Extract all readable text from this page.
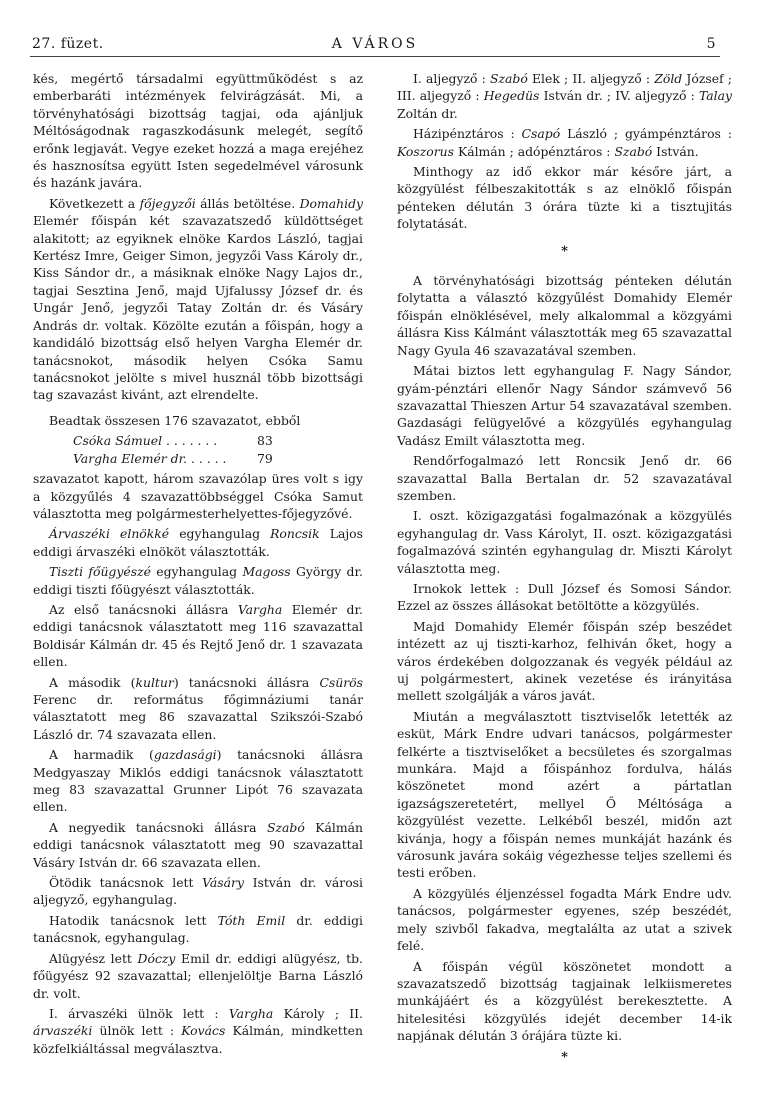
27. füzet.	A VÁROS	5

kés, megértő társadalmi együttműködést s az emberbaráti intézmények felvirágzását. Mi, a törvényhatósági bizottság tagjai, oda ajánljuk Méltóságodnak ragaszkodásunk melegét, segítő erőnk legjavát. Vegye ezeket hozzá a maga erejéhez és hasznosítsa együtt Isten segedelmével városunk és hazánk javára.

Következett a főjegyzői állás betöltése. Domahidy Elemér főispán két szavazatszedő küldöttséget alakitott; az egyiknek elnöke Kardos László, tagjai Kertész Imre, Geiger Simon, jegyzői Vass Károly dr., Kiss Sándor dr., a másiknak elnöke Nagy Lajos dr., tagjai Sesztina Jenő, majd Ujfalussy József dr. és Ungár Jenő, jegyzői Tatay Zoltán dr. és Vásáry András dr. voltak. Közölte ezután a főispán, hogy a kandidáló bizottság első helyen Vargha Elemér dr. tanácsnokot, második helyen Csóka Samu tanácsnokot jelölte s mivel husznál több bizottsági tag szavazást kivánt, azt elrendelte.

Beadtak összesen 176 szavazatot, ebből

Csóka Sámuel . . . . . . .	83
Vargha Elemér dr. . . . . . 79

szavazatot kapott, három szavazólap üres volt s igy a közgyűlés 4 szavazattöbbséggel Csóka Samut választotta meg polgármesterhelyettes-főjegyzővé.

Árvaszéki elnökké egyhangulag Roncsik Lajos eddigi árvaszéki elnököt választották.

Tiszti főügyészé egyhangulag Magoss György dr. eddigi tiszti főügyészt választották.

Az első tanácsnoki állásra Vargha Elemér dr. eddigi tanácsnok választatott meg 116 szavazattal Boldisár Kálmán dr. 45 és Rejtő Jenő dr. 1 szavazata ellen.

A második (kultur) tanácsnoki állásra Csürös Ferenc dr. református főgimnáziumi tanár választatott meg 86 szavazattal Szikszói-Szabó László dr. 74 szavazata ellen.

A harmadik (gazdasági) tanácsnoki állásra Medgyaszay Miklós eddigi tanácsnok választatott meg 83 szavazattal Grunner Lipót 76 szavazata ellen.

A negyedik tanácsnoki állásra Szabó Kálmán eddigi tanácsnok választatott meg 90 szavazattal Vásáry István dr. 66 szavazata ellen.

Ötödik tanácsnok lett Vásáry István dr. városi aljegyző, egyhangulag.

Hatodik tanácsnok lett Tóth Emil dr. eddigi tanácsnok, egyhangulag.

Alügyész lett Dóczy Emil dr. eddigi alügyész, tb. főügyész 92 szavazattal; ellenjelöltje Barna László dr. volt.

I. árvaszéki ülnök lett : Vargha Károly ; II. árvaszéki ülnök lett : Kovács Kálmán, mindketten közfelkiáltással megválasztva.

I. aljegyző : Szabó Elek ; II. aljegyző : Zöld József ; III. aljegyző : Hegedüs István dr. ; IV. aljegyző : Talay Zoltán dr.

Házipénztáros : Csapó László ; gyámpénztáros : Koszorus Kálmán ; adópénztáros : Szabó István.

Minthogy az idő ekkor már későre járt, a közgyülést félbeszakitották s az elnöklő főispán pénteken délután 3 órára tüzte ki a tisztujitás folytatását.

*

A törvényhatósági bizottság pénteken délután folytatta a választó közgyűlést Domahidy Elemér főispán elnöklésével, mely alkalommal a közgyámi állásra Kiss Kálmánt választották meg 65 szavazattal Nagy Gyula 46 szavazatával szemben.

Mátai biztos lett egyhangulag F. Nagy Sándor, gyám-pénztári ellenőr Nagy Sándor számvevő 56 szavazattal Thieszen Artur 54 szavazatával szemben. Gazdasági felügyelővé a közgyülés egyhangulag Vadász Emilt választotta meg.

Rendőrfogalmazó lett Roncsik Jenő dr. 66 szavazattal Balla Bertalan dr. 52 szavazatával szemben.

I. oszt. közigazgatási fogalmazónak a közgyülés egyhangulag dr. Vass Károlyt, II. oszt. közigazgatási fogalmazóvá szintén egyhangulag dr. Miszti Károlyt választotta meg.

Irnokok lettek : Dull József és Somosi Sándor. Ezzel az összes állásokat betöltötte a közgyülés.

Majd Domahidy Elemér főispán szép beszédet intézett az uj tiszti-karhoz, felhiván őket, hogy a város érdekében dolgozzanak és vegyék például az uj polgármestert, akinek vezetése és irányitása mellett szolgálják a város javát.

Miután a megválasztott tisztviselők letették az esküt, Márk Endre udvari tanácsos, polgármester felkérte a tisztviselőket a becsületes és szorgalmas munkára. Majd a főispánhoz fordulva, hálás köszönetet mond azért a pártatlan igazságszeretetért, mellyel Ő Méltósága a közgyülést vezette. Lelkéből beszél, midőn azt kivánja, hogy a főispán nemes munkáját hazánk és városunk javára sokáig végezhesse teljes szellemi és testi erőben.

A közgyülés éljenzéssel fogadta Márk Endre udv. tanácsos, polgármester egyenes, szép beszédét, mely szivből fakadva, megtalálta az utat a szivek felé.

A főispán végül köszönetet mondott a szavazatszedő bizottság tagjainak lelkiismeretes munkájáért és a közgyülést berekesztette. A hitelesitési közgyülés idejét december 14-ik napjának délután 3 órájára tüzte ki.

*
